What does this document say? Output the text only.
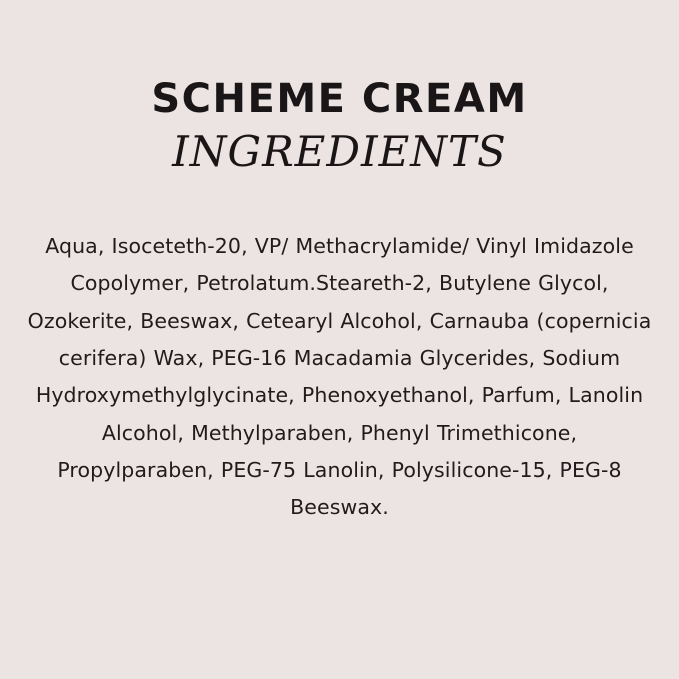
SCHEME CREAM
INGREDIENTS
Aqua, Isoceteth-20, VP/ Methacrylamide/ Vinyl Imidazole Copolymer, Petrolatum.Steareth-2, Butylene Glycol, Ozokerite, Beeswax, Cetearyl Alcohol, Carnauba (copernicia cerifera) Wax, PEG-16 Macadamia Glycerides, Sodium Hydroxymethylglycinate, Phenoxyethanol, Parfum, Lanolin Alcohol, Methylparaben, Phenyl Trimethicone, Propylparaben, PEG-75 Lanolin, Polysilicone-15, PEG-8 Beeswax.
